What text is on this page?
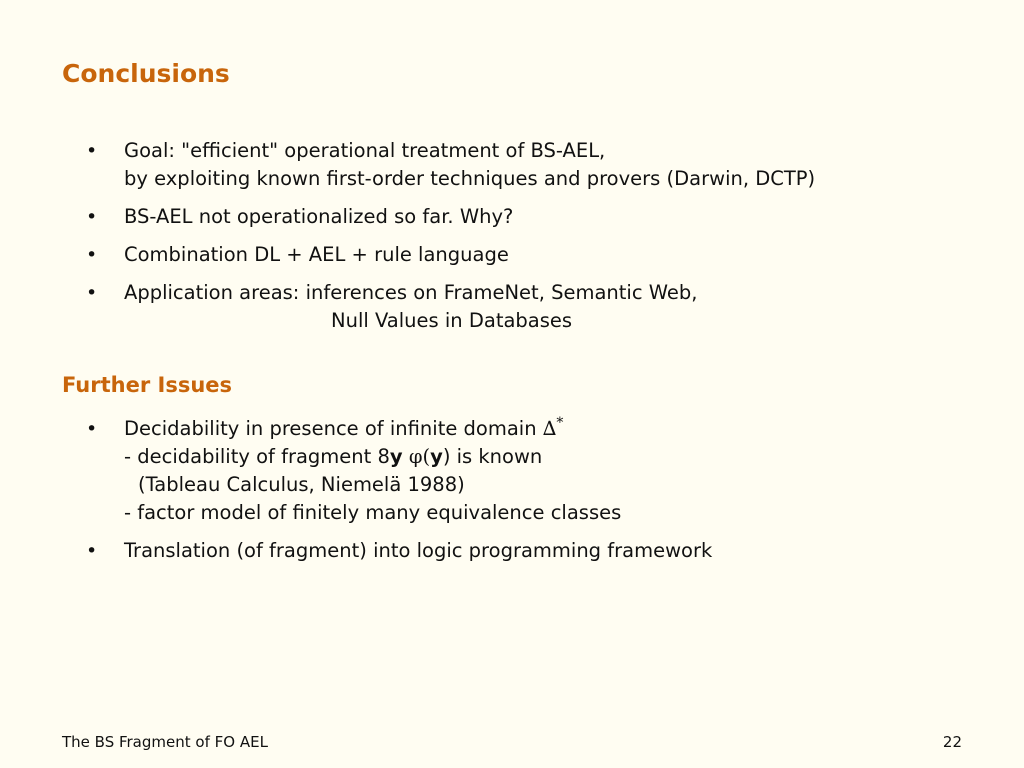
Conclusions
• Goal: "efficient" operational treatment of BS-AEL,
by exploiting known first-order techniques and provers (Darwin, DCTP)
• BS-AEL not operationalized so far. Why?
• Combination DL + AEL + rule language
• Application areas: inferences on FrameNet, Semantic Web,
Null Values in Databases
Further Issues
• Decidability in presence of infinite domain ∆*
- decidability of fragment 8y φ(y) is known
(Tableau Calculus, Niemelä 1988)
- factor model of finitely many equivalence classes
• Translation (of fragment) into logic programming framework
The BS Fragment of FO AEL	22
